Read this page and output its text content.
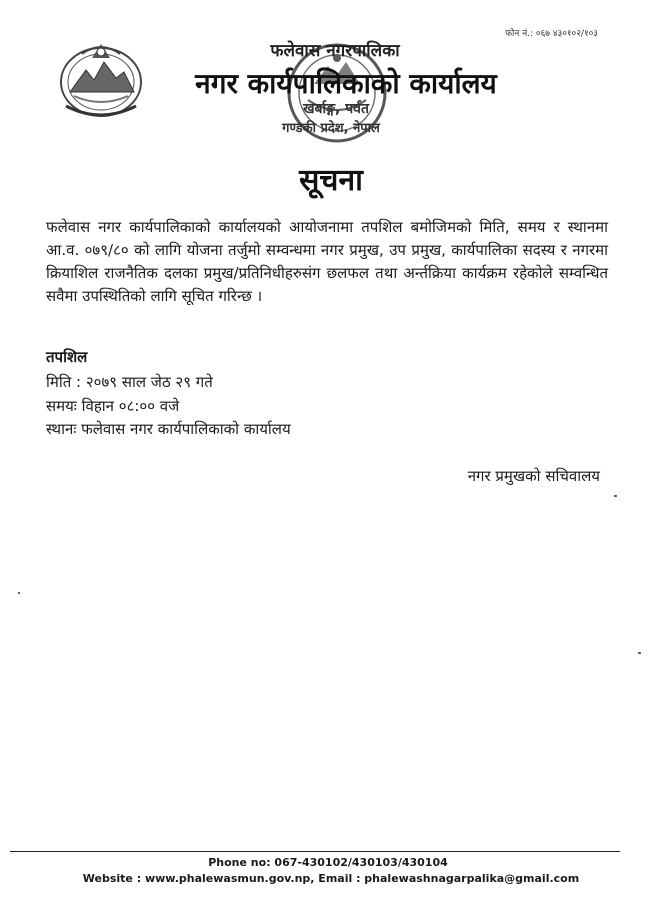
फोन नं.: ०६७ ४३०१०२/१०३
फलेवास नगरपालिका
नगर कार्यपालिकाको कार्यालय
खर्बाङ्ग, पर्वत
गण्डकी प्रदेश, नेपाल
सूचना
फलेवास नगर कार्यपालिकाको कार्यालयको आयोजनामा तपशिल बमोजिमको मिति, समय र स्थानमा आ.व. ०७९/८० को लागि योजना तर्जुमो सम्वन्धमा नगर प्रमुख, उप प्रमुख, कार्यपालिका सदस्य र नगरमा क्रियाशिल राजनैतिक दलका प्रमुख/प्रतिनिधीहरुसंग छलफल तथा अर्न्तक्रिया कार्यक्रम रहेकोले सम्वन्धित सवैमा उपस्थितिको लागि सूचित गरिन्छ ।
तपशिल
मिति : २०७९ साल जेठ २९ गते
समयः विहान ०८:०० वजे
स्थानः फलेवास नगर कार्यपालिकाको कार्यालय
नगर प्रमुखको सचिवालय
Phone no: 067-430102/430103/430104
Website : www.phalewasmun.gov.np, Email : phalewashnagarpalika@gmail.com
